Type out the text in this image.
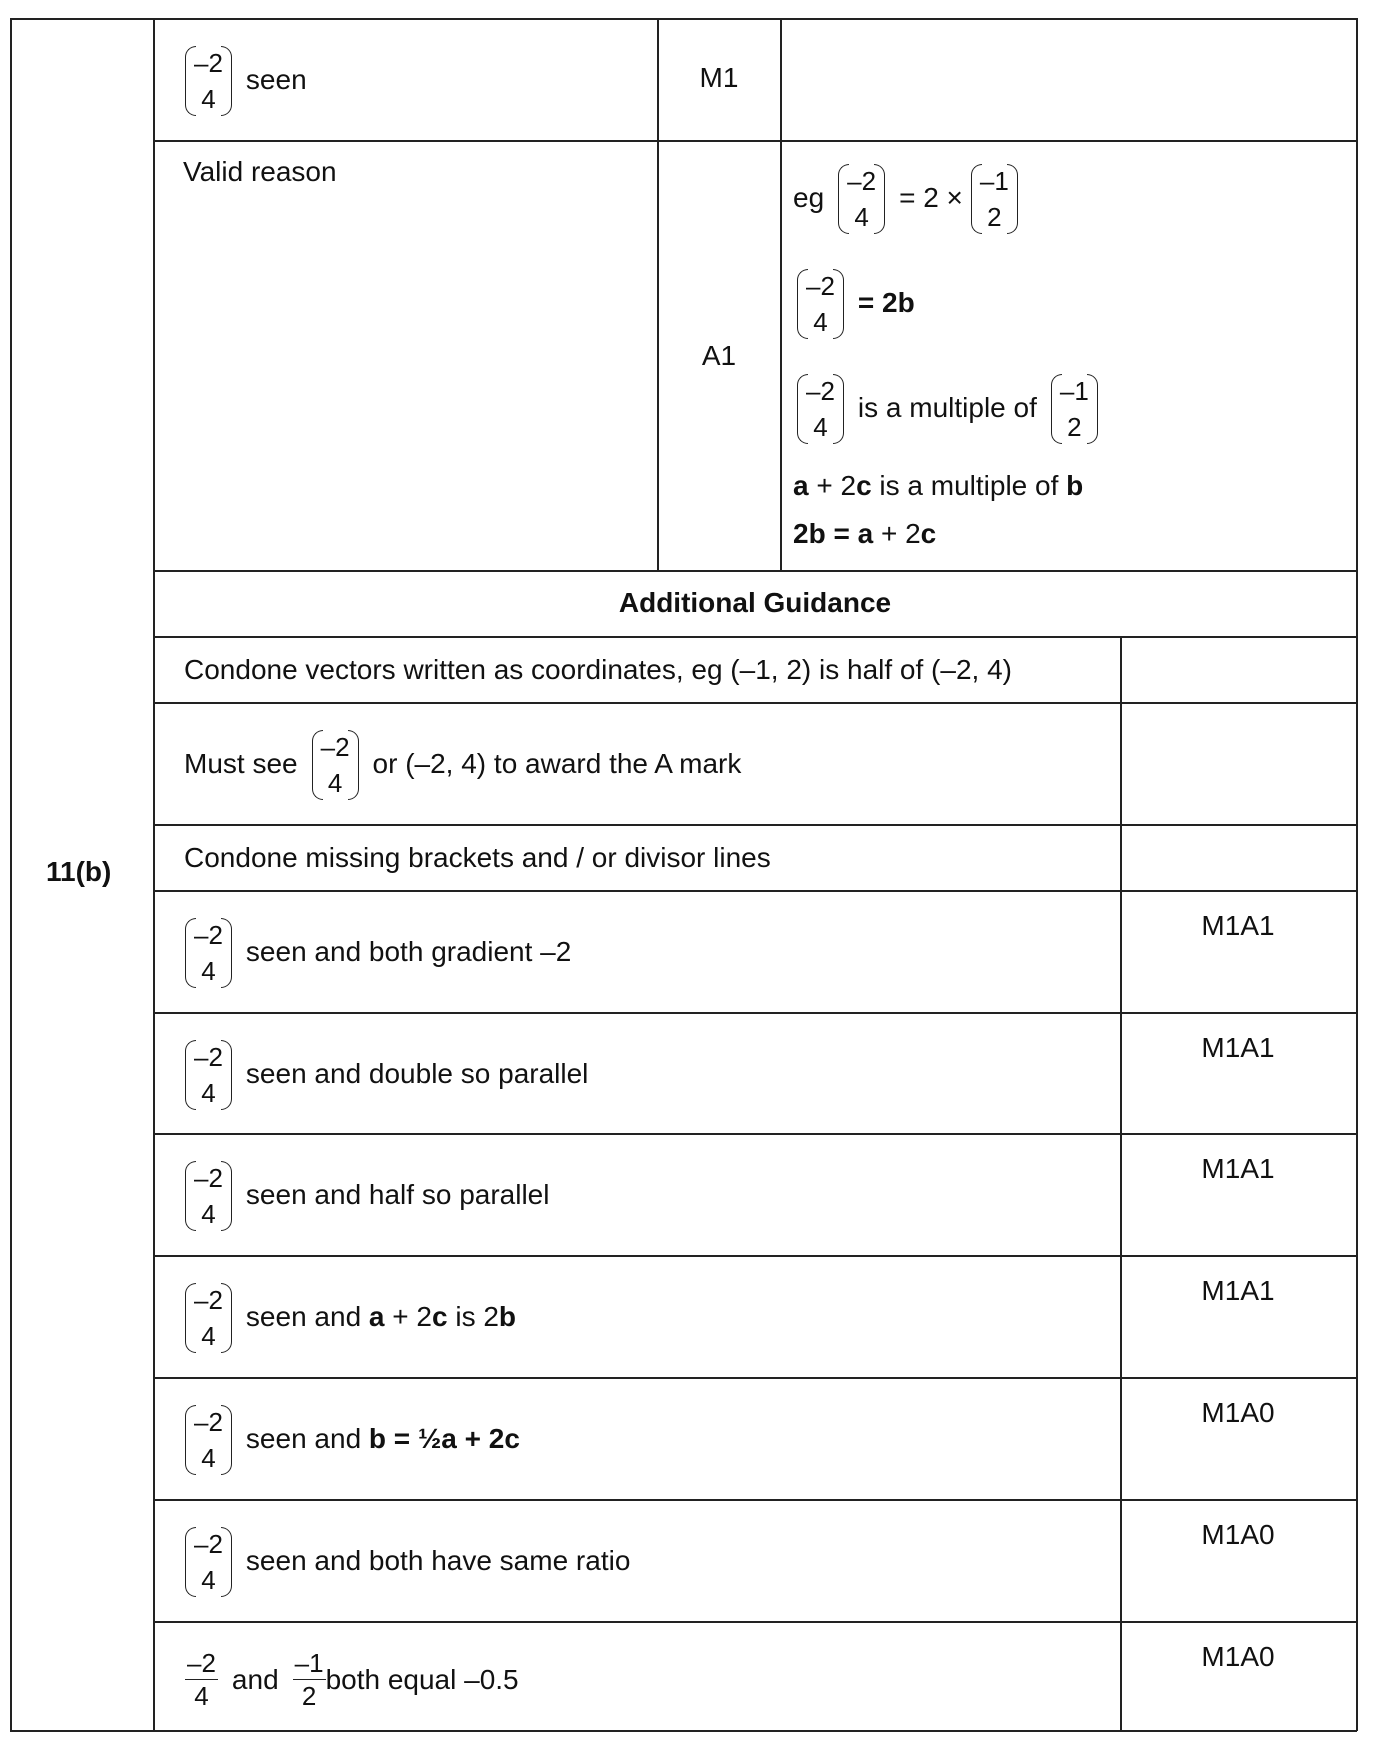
11(b)
–2
4
seen	M1
Valid reason
A1
eg
–2
4
= 2 ×
–1
2
–2
4
= 2 b
–2
4
is a multiple of
–1
2
a + 2 c is a multiple of b
2 b = a + 2 c
Additional Guidance
Condone vectors written as coordinates, eg (–1, 2) is half of (–2, 4)
Must see
–2
4
or (–2, 4) to award the A mark
Condone missing brackets and / or divisor lines
–2
4
seen and both gradient –2
M1A1
–2
4
seen and double so parallel
M1A1
–2
4
seen and half so parallel
M1A1
–2
4
seen and a + 2 c is 2 b
M1A1
–2
4
seen and b = ½ a + 2 c
M1A0
–2
4
seen and both have same ratio
M1A0
$\frac{-2}{4}$ and $\frac{-1}{2}$ both equal –0.5
M1A0
